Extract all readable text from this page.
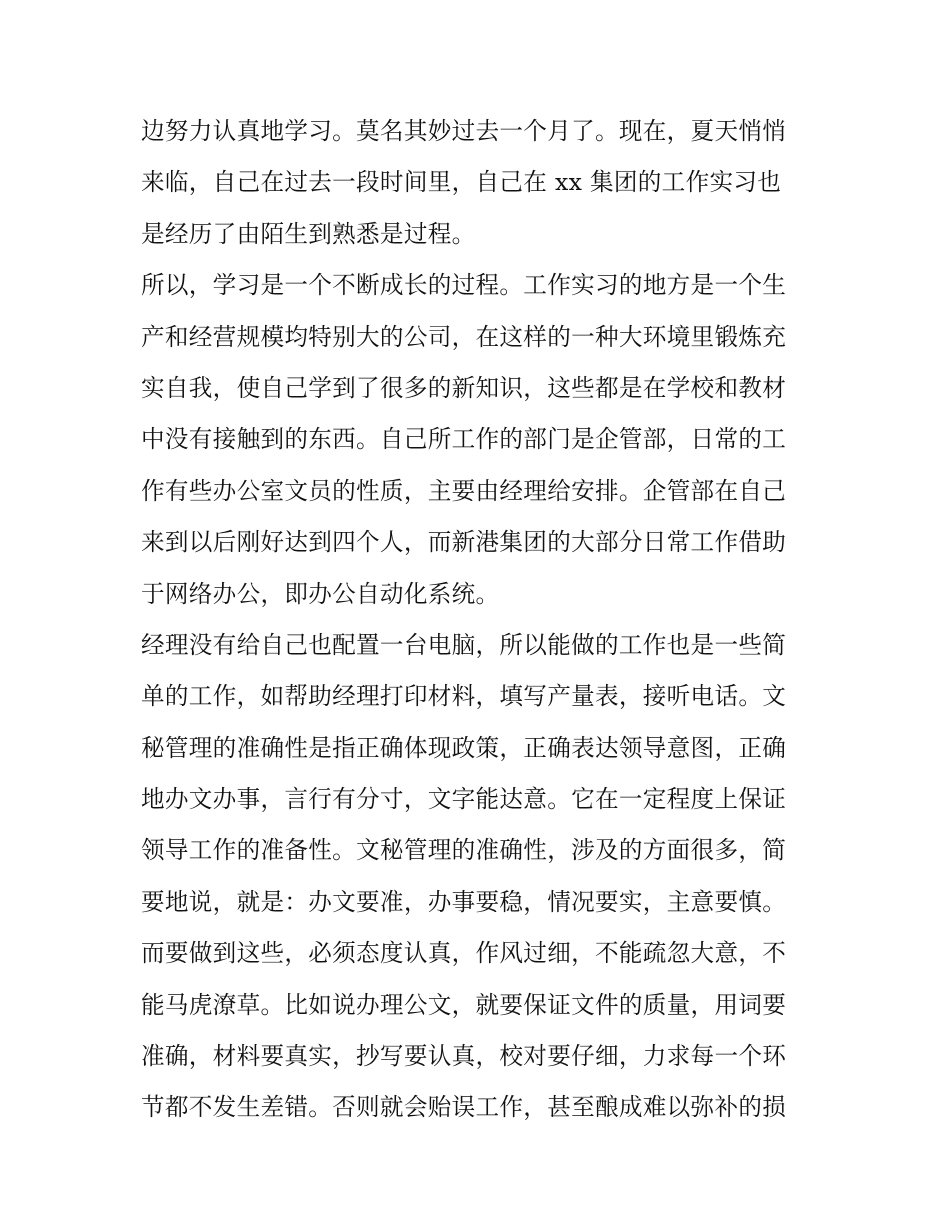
边努力认真地学习。莫名其妙过去一个月了。现在，夏天悄悄
来临，自己在过去一段时间里，自己在 xx 集团的工作实习也
是经历了由陌生到熟悉是过程。
所以，学习是一个不断成长的过程。工作实习的地方是一个生
产和经营规模均特别大的公司，在这样的一种大环境里锻炼充
实自我，使自己学到了很多的新知识，这些都是在学校和教材
中没有接触到的东西。自己所工作的部门是企管部，日常的工
作有些办公室文员的性质，主要由经理给安排。企管部在自己
来到以后刚好达到四个人，而新港集团的大部分日常工作借助
于网络办公，即办公自动化系统。
经理没有给自己也配置一台电脑，所以能做的工作也是一些简
单的工作，如帮助经理打印材料，填写产量表，接听电话。文
秘管理的准确性是指正确体现政策，正确表达领导意图，正确
地办文办事，言行有分寸，文字能达意。它在一定程度上保证
领导工作的准备性。文秘管理的准确性，涉及的方面很多，简
要地说，就是：办文要准，办事要稳，情况要实，主意要慎。
而要做到这些，必须态度认真，作风过细，不能疏忽大意，不
能马虎潦草。比如说办理公文，就要保证文件的质量，用词要
准确，材料要真实，抄写要认真，校对要仔细，力求每一个环
节都不发生差错。否则就会贻误工作，甚至酿成难以弥补的损
